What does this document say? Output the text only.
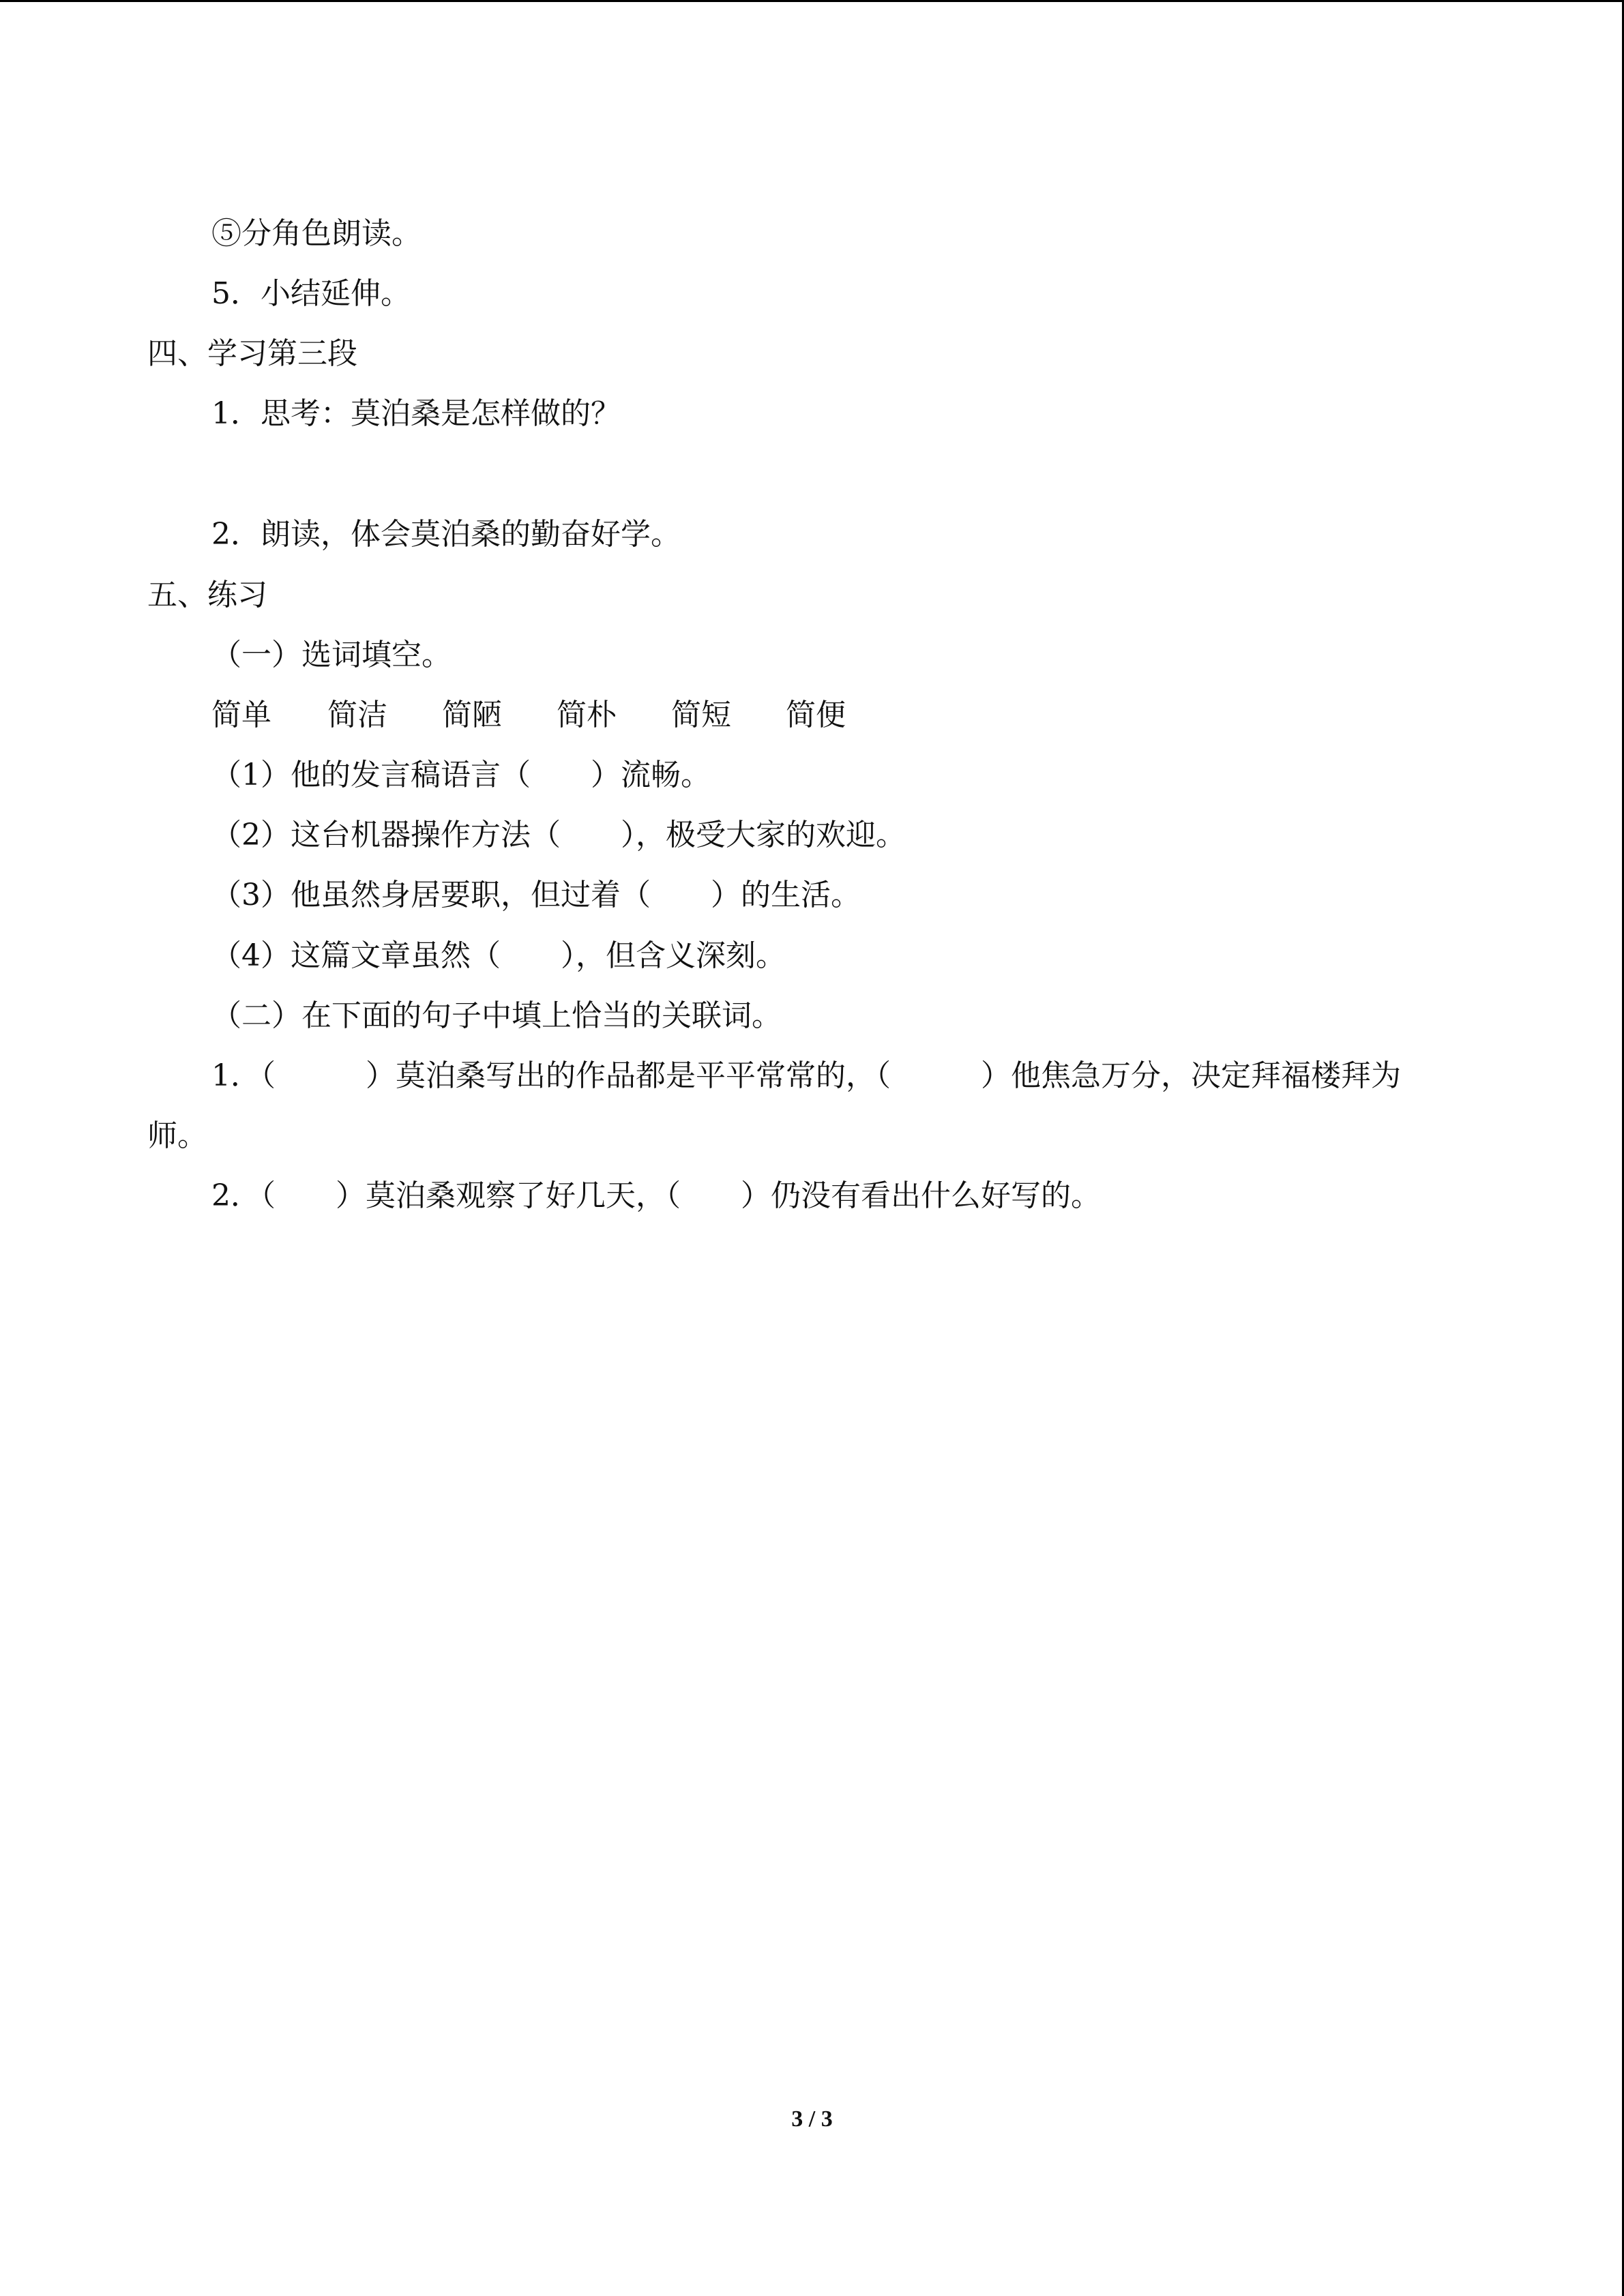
⑤分角色朗读。
5．小结延伸。
四、学习第三段
1．思考：莫泊桑是怎样做的？
2．朗读，体会莫泊桑的勤奋好学。
五、练习
（一）选词填空。
简单 简洁 简陋 简朴 简短 简便
（1）他的发言稿语言（　　）流畅。
（2）这台机器操作方法（　　），极受大家的欢迎。
（3）他虽然身居要职，但过着（　　）的生活。
（4）这篇文章虽然（　　），但含义深刻。
（二）在下面的句子中填上恰当的关联词。
1．（　　　）莫泊桑写出的作品都是平平常常的，（　　　）他焦急万分，决定拜福楼拜为
师。
2．（　　）莫泊桑观察了好几天，（　　）仍没有看出什么好写的。
3 / 3
